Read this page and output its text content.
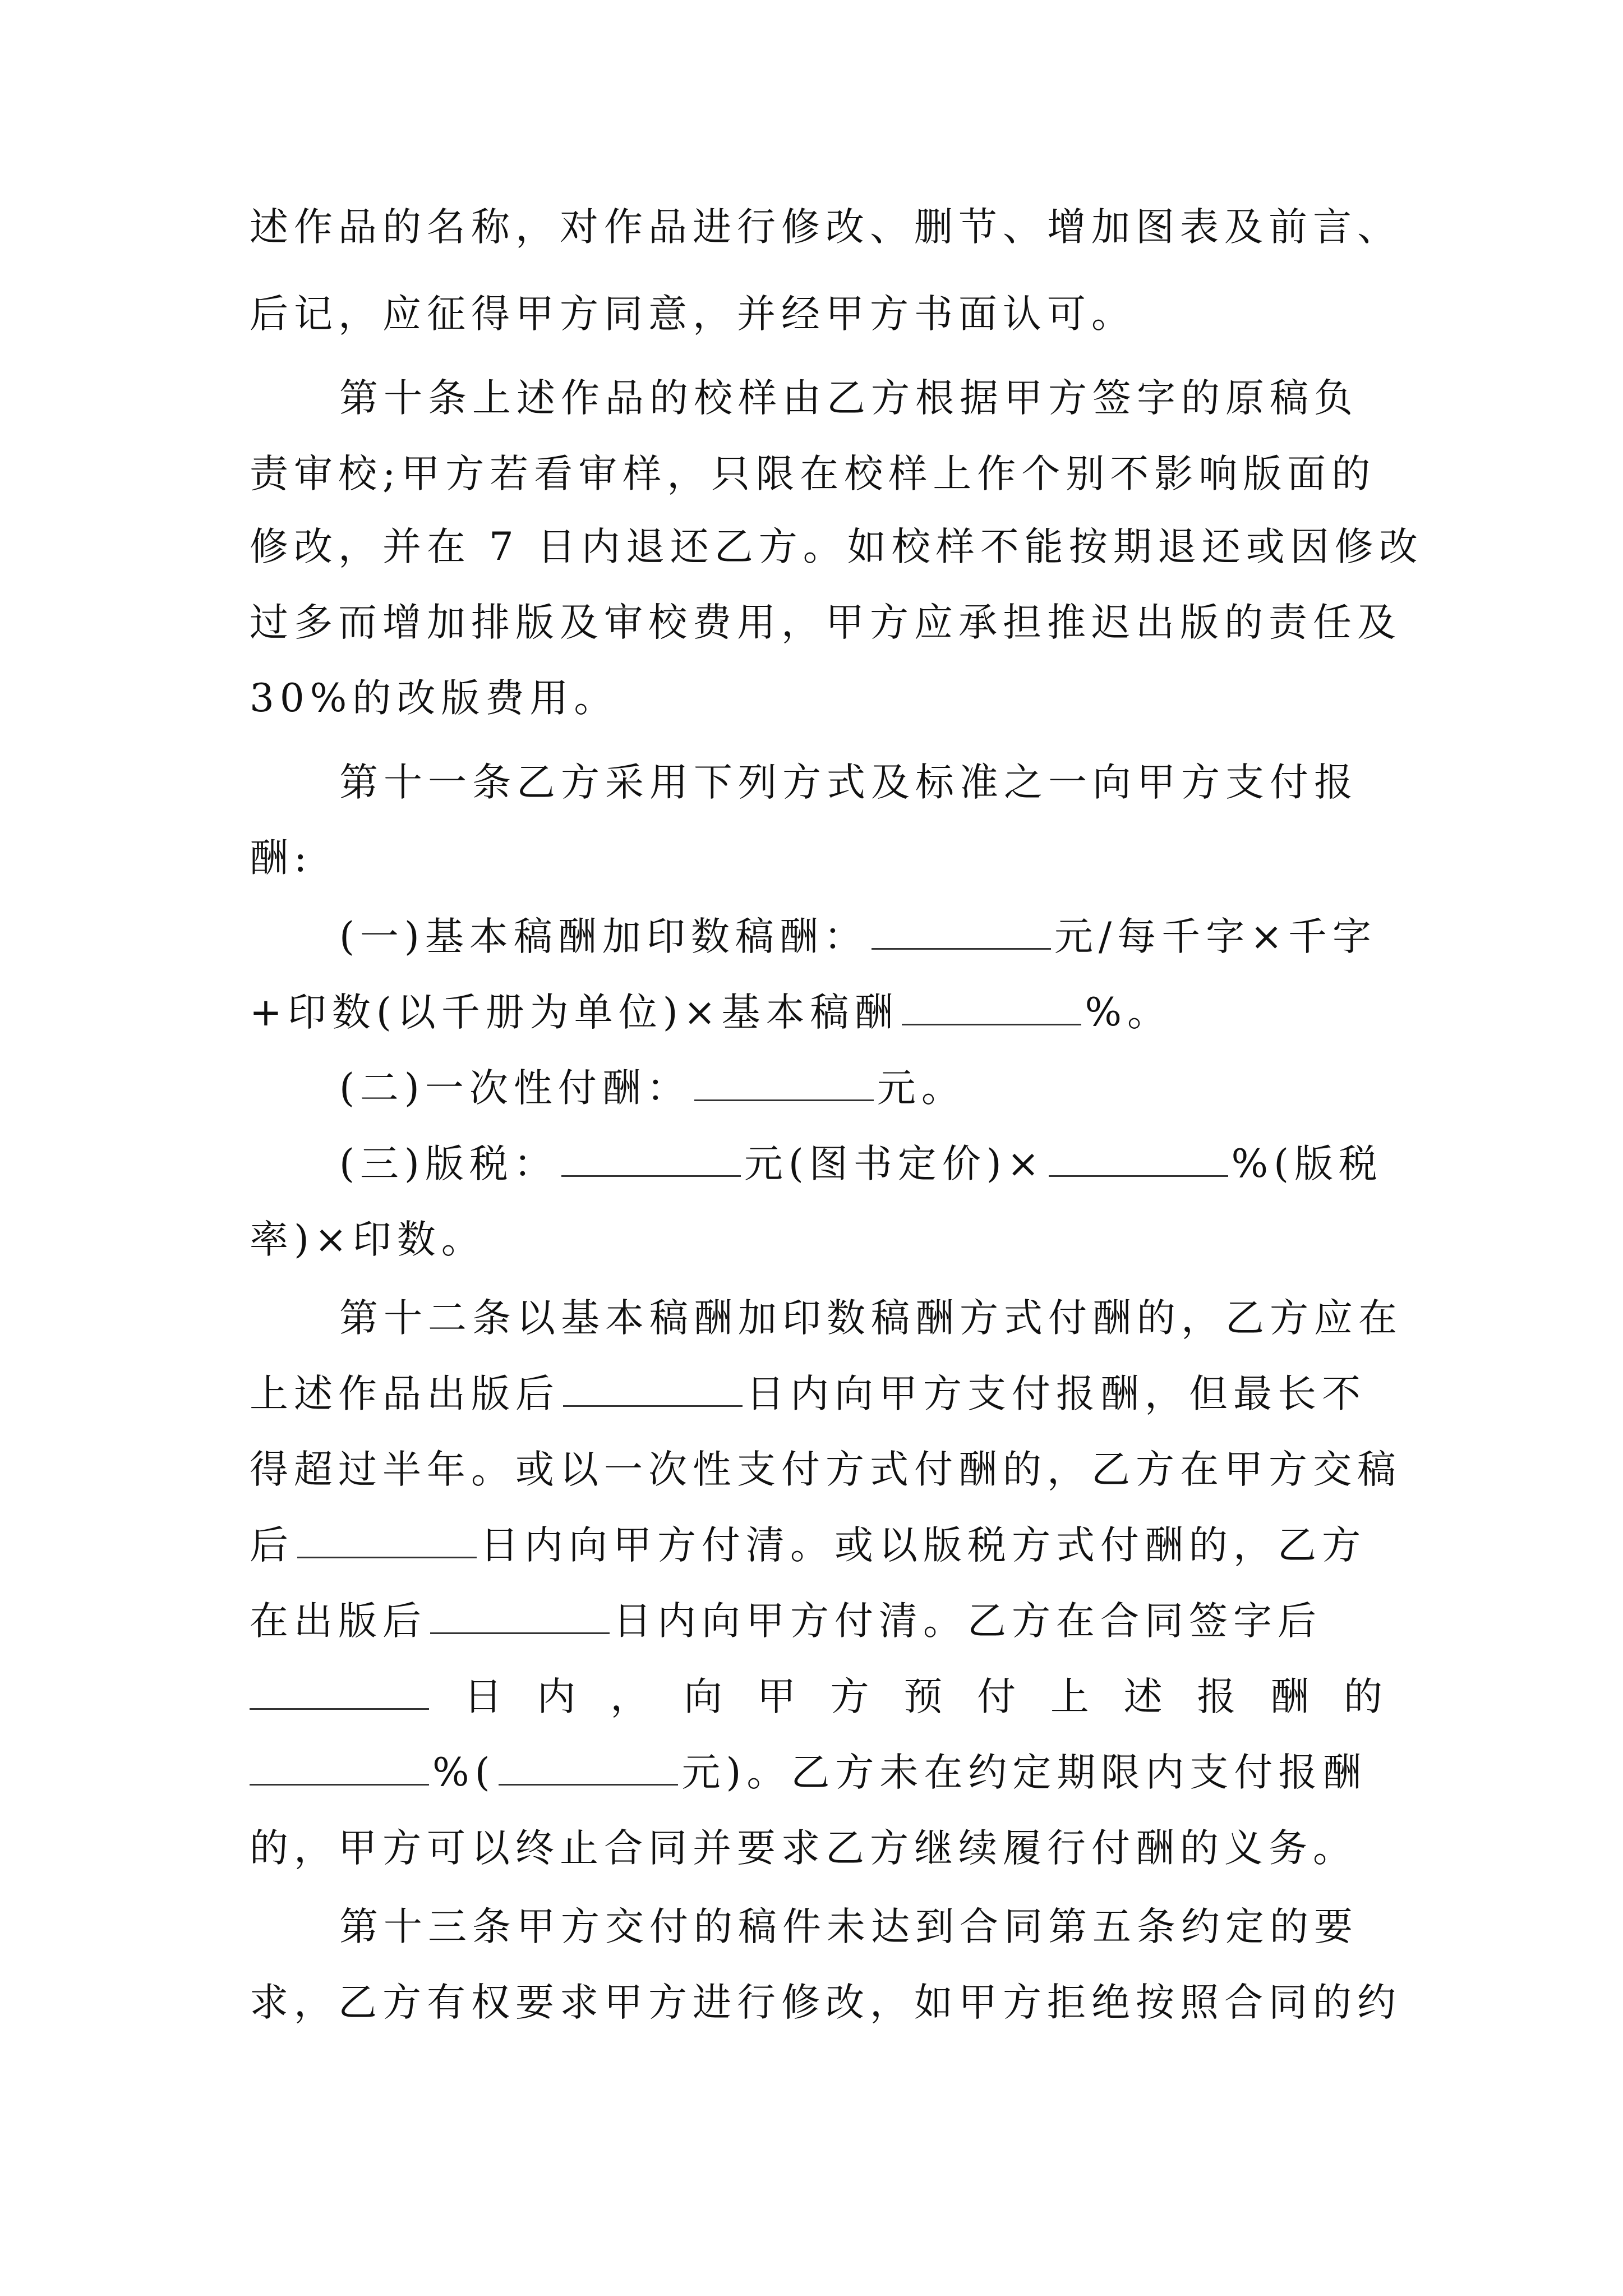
述作品的名称，对作品进行修改、删节、增加图表及前言、
后记，应征得甲方同意，并经甲方书面认可。
第十条上述作品的校样由乙方根据甲方签字的原稿负
责审校;甲方若看审样，只限在校样上作个别不影响版面的
修改，并在 7 日内退还乙方。如校样不能按期退还或因修改
过多而增加排版及审校费用，甲方应承担推迟出版的责任及
30%的改版费用。
第十一条乙方采用下列方式及标准之一向甲方支付报
酬:
(一)基本稿酬加印数稿酬：	元/每千字×千字
+印数(以千册为单位)×基本稿酬	%。
(二)一次性付酬：	元。
(三)版税：	元(图书定价)×	%(版税
率)×印数。
第十二条以基本稿酬加印数稿酬方式付酬的，乙方应在
上述作品出版后	日内向甲方支付报酬，但最长不
得超过半年。或以一次性支付方式付酬的，乙方在甲方交稿
后	日内向甲方付清。或以版税方式付酬的，乙方
在出版后	日内向甲方付清。乙方在合同签字后
日 内 ， 向 甲 方 预 付 上 述 报 酬 的
%(	元)。乙方未在约定期限内支付报酬
的，甲方可以终止合同并要求乙方继续履行付酬的义务。
第十三条甲方交付的稿件未达到合同第五条约定的要
求，乙方有权要求甲方进行修改，如甲方拒绝按照合同的约
